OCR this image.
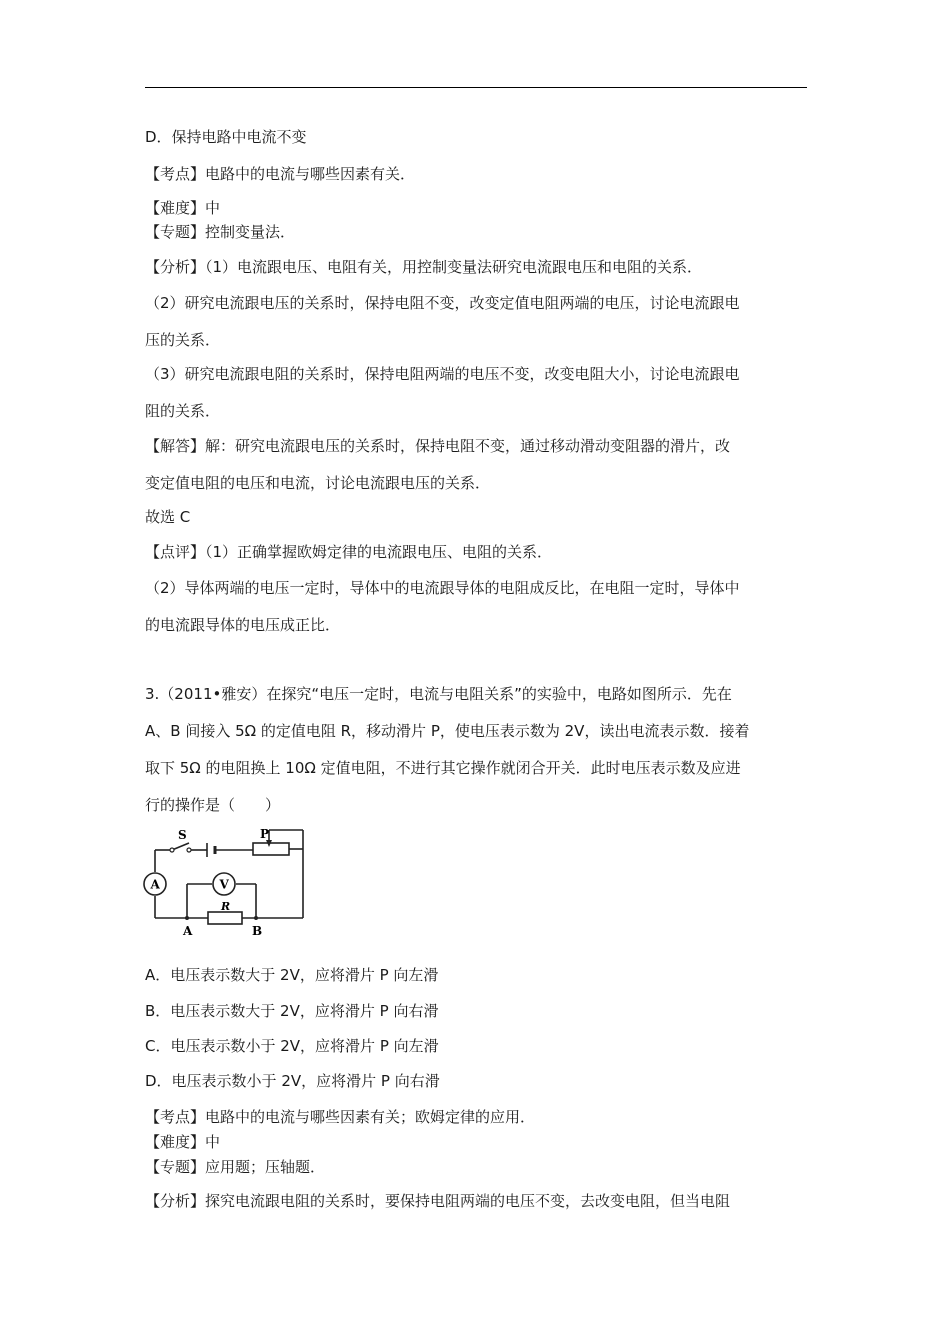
D．保持电路中电流不变
【考点】电路中的电流与哪些因素有关．
【难度】中
【专题】控制变量法．
【分析】（1）电流跟电压、电阻有关，用控制变量法研究电流跟电压和电阻的关系．
（2）研究电流跟电压的关系时，保持电阻不变，改变定值电阻两端的电压，讨论电流跟电
压的关系．
（3）研究电流跟电阻的关系时，保持电阻两端的电压不变，改变电阻大小，讨论电流跟电
阻的关系．
【解答】解：研究电流跟电压的关系时，保持电阻不变，通过移动滑动变阻器的滑片，改
变定值电阻的电压和电流，讨论电流跟电压的关系．
故选 C
【点评】（1）正确掌握欧姆定律的电流跟电压、电阻的关系．
（2）导体两端的电压一定时，导体中的电流跟导体的电阻成反比，在电阻一定时，导体中
的电流跟导体的电压成正比．
3.（2011•雅安）在探究“电压一定时，电流与电阻关系”的实验中，电路如图所示．先在
A、B 间接入 5Ω 的定值电阻 R，移动滑片 P，使电压表示数为 2V，读出电流表示数．接着
取下 5Ω 的电阻换上 10Ω 定值电阻，不进行其它操作就闭合开关．此时电压表示数及应进
行的操作是（　　）
S	P
A	V
R
A	B
A．电压表示数大于 2V，应将滑片 P 向左滑
B．电压表示数大于 2V，应将滑片 P 向右滑
C．电压表示数小于 2V，应将滑片 P 向左滑
D．电压表示数小于 2V，应将滑片 P 向右滑
【考点】电路中的电流与哪些因素有关；欧姆定律的应用．
【难度】中
【专题】应用题；压轴题．
【分析】探究电流跟电阻的关系时，要保持电阻两端的电压不变，去改变电阻，但当电阻
